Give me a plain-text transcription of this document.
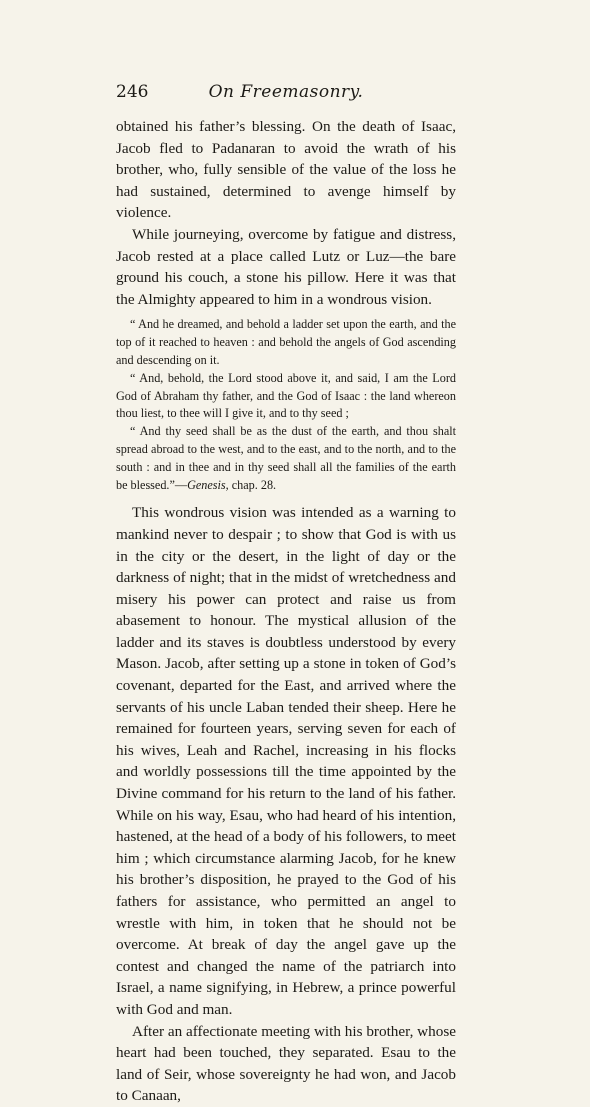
246	On Freemasonry.

obtained his father’s blessing. On the death of Isaac, Jacob fled to Padanaran to avoid the wrath of his brother, who, fully sensible of the value of the loss he had sustained, determined to avenge himself by violence.

While journeying, overcome by fatigue and distress, Jacob rested at a place called Lutz or Luz—the bare ground his couch, a stone his pillow. Here it was that the Almighty appeared to him in a wondrous vision.

“ And he dreamed, and behold a ladder set upon the earth, and the top of it reached to heaven : and behold the angels of God ascending and descending on it.

“ And, behold, the Lord stood above it, and said, I am the Lord God of Abraham thy father, and the God of Isaac : the land whereon thou liest, to thee will I give it, and to thy seed ;

“ And thy seed shall be as the dust of the earth, and thou shalt spread abroad to the west, and to the east, and to the north, and to the south : and in thee and in thy seed shall all the families of the earth be blessed.”—Genesis, chap. 28.

This wondrous vision was intended as a warning to mankind never to despair ; to show that God is with us in the city or the desert, in the light of day or the darkness of night; that in the midst of wretchedness and misery his power can protect and raise us from abasement to honour. The mystical allusion of the ladder and its staves is doubtless understood by every Mason. Jacob, after setting up a stone in token of God’s covenant, departed for the East, and arrived where the servants of his uncle Laban tended their sheep. Here he remained for fourteen years, serving seven for each of his wives, Leah and Rachel, increasing in his flocks and worldly possessions till the time appointed by the Divine command for his return to the land of his father. While on his way, Esau, who had heard of his intention, hastened, at the head of a body of his followers, to meet him ; which circumstance alarming Jacob, for he knew his brother’s disposition, he prayed to the God of his fathers for assistance, who permitted an angel to wrestle with him, in token that he should not be overcome. At break of day the angel gave up the contest and changed the name of the patriarch into Israel, a name signifying, in Hebrew, a prince powerful with God and man.

After an affectionate meeting with his brother, whose heart had been touched, they separated. Esau to the land of Seir, whose sovereignty he had won, and Jacob to Canaan,
